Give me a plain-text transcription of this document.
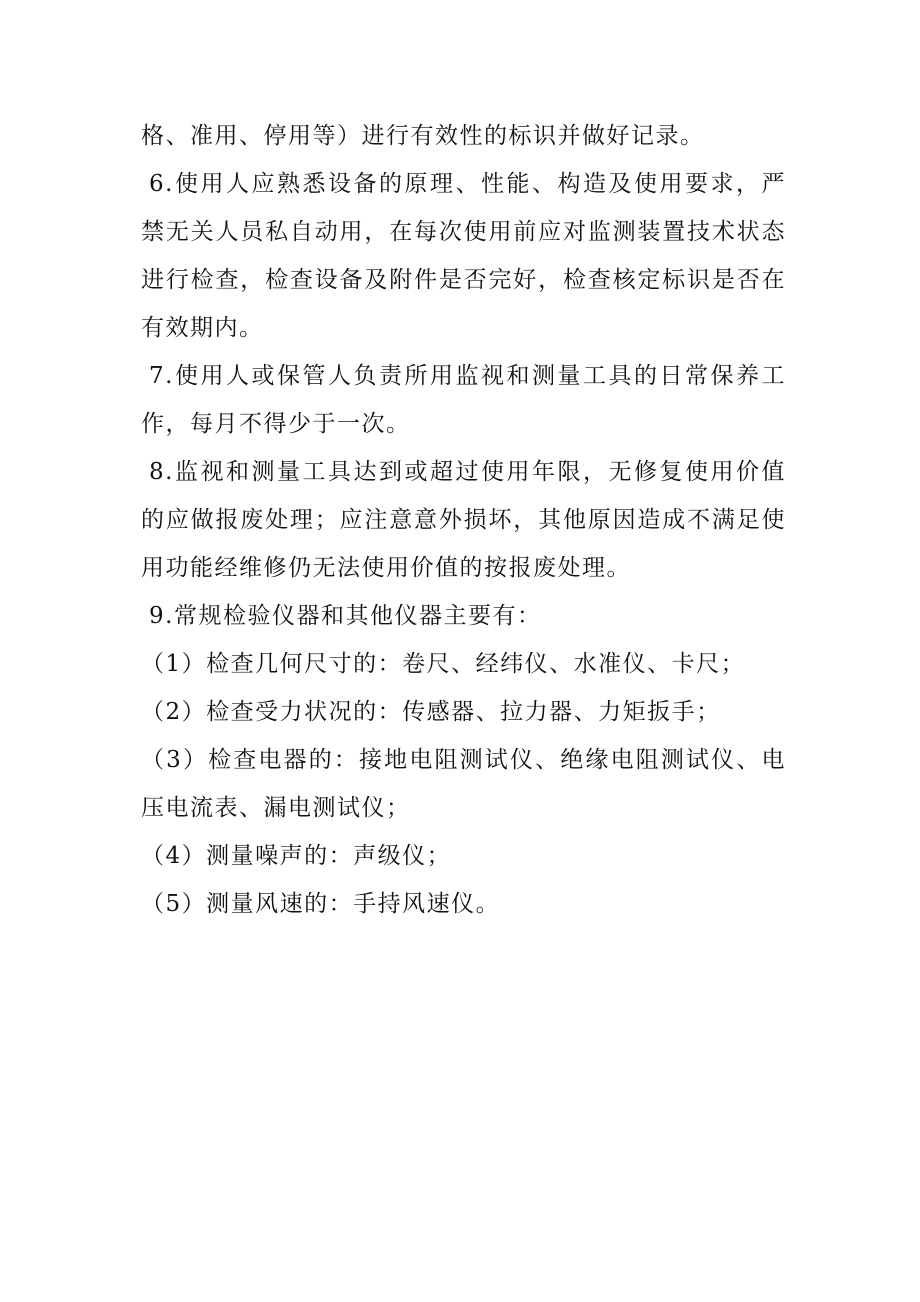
格、准用、停用等）进行有效性的标识并做好记录。
6.使用人应熟悉设备的原理、性能、构造及使用要求，严
禁无关人员私自动用，在每次使用前应对监测装置技术状态
进行检查，检查设备及附件是否完好，检查核定标识是否在
有效期内。
7.使用人或保管人负责所用监视和测量工具的日常保养工
作，每月不得少于一次。
8.监视和测量工具达到或超过使用年限，无修复使用价值
的应做报废处理；应注意意外损坏，其他原因造成不满足使
用功能经维修仍无法使用价值的按报废处理。
9.常规检验仪器和其他仪器主要有：
（1）检查几何尺寸的：卷尺、经纬仪、水准仪、卡尺；
（2）检查受力状况的：传感器、拉力器、力矩扳手；
（3）检查电器的：接地电阻测试仪、绝缘电阻测试仪、电
压电流表、漏电测试仪；
（4）测量噪声的：声级仪；
（5）测量风速的：手持风速仪。
